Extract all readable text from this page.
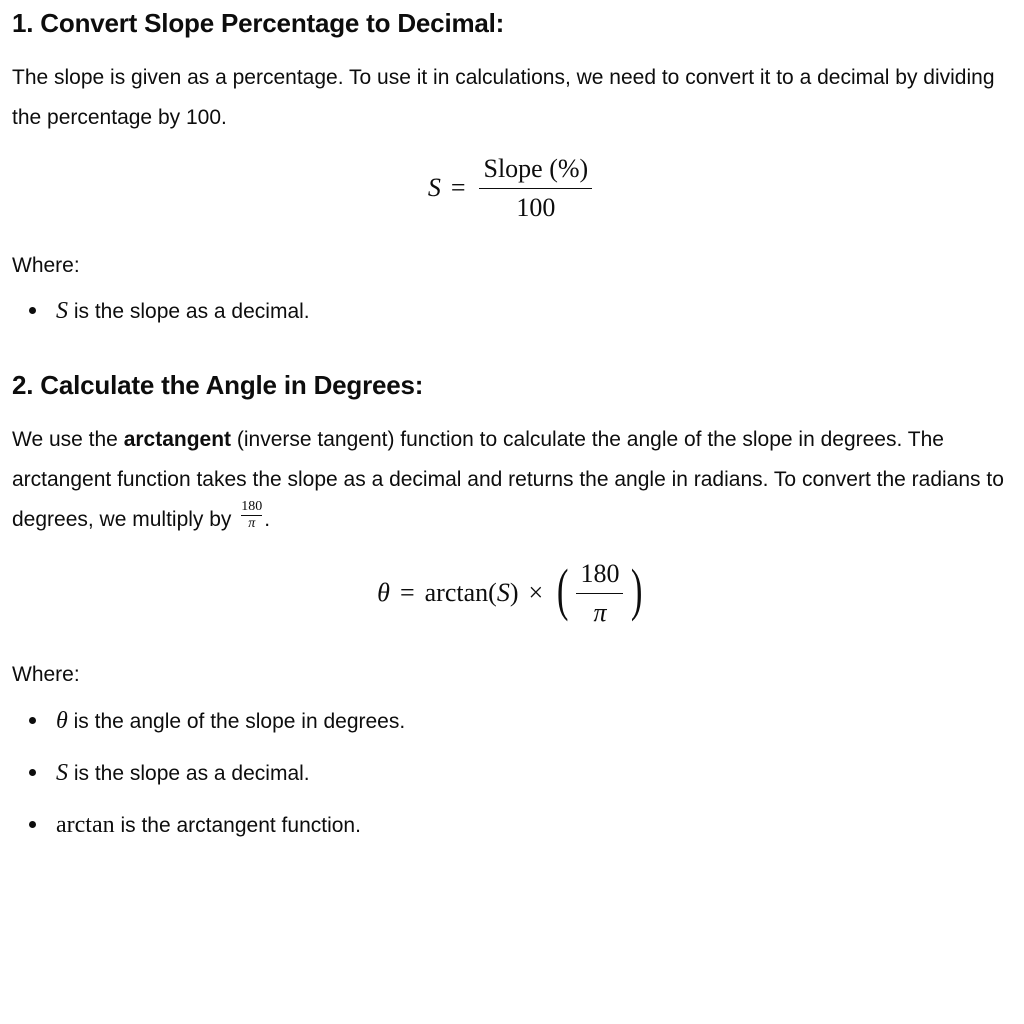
1. Convert Slope Percentage to Decimal:

The slope is given as a percentage. To use it in calculations, we need to convert it to a decimal by dividing the percentage by 100.

$S = \frac{\text{Slope (\%)}}{100}$

Where:

S is the slope as a decimal.
2. Calculate the Angle in Degrees:

We use the arctangent (inverse tangent) function to calculate the angle of the slope in degrees. The arctangent function takes the slope as a decimal and returns the angle in radians. To convert the radians to degrees, we multiply by $\frac{180}{\pi}$ .

θ = arctan ( S ) × ( $\frac{180}{\pi}$ )

Where:

θ is the angle of the slope in degrees.
S is the slope as a decimal.
arctan is the arctangent function.
